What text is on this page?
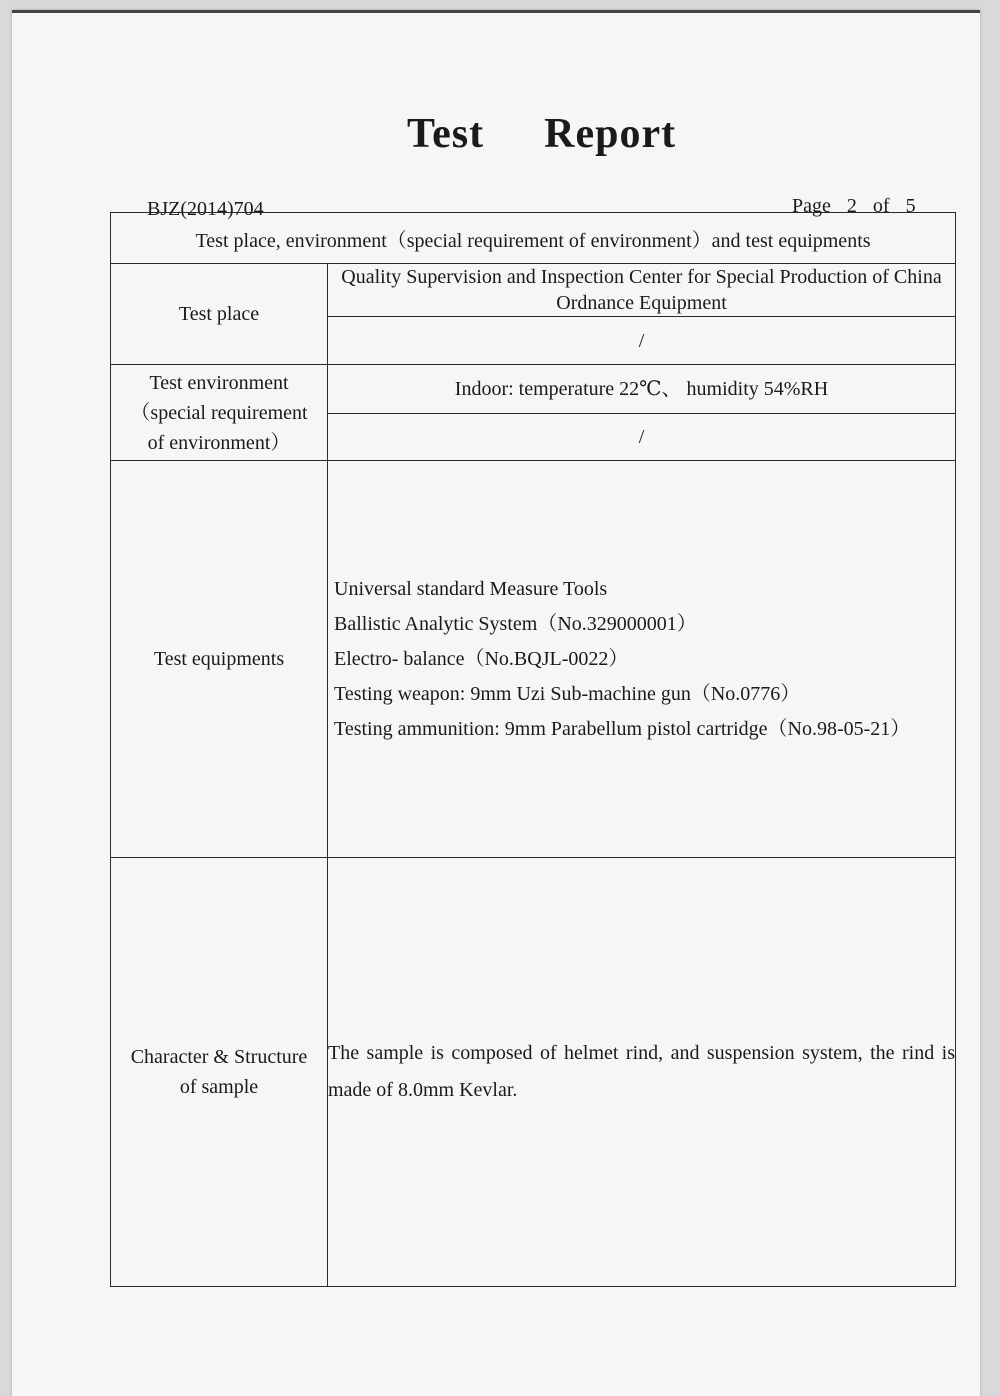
Test Report
BJZ(2014)704	Page 2 of 5
Test place, environment（special requirement of environment）and test equipments	
Test place	Quality Supervision and Inspection Center for Special Production of China Ordnance Equipment
	/

Test environment
（special requirement
of environment）	Indoor: temperature 22℃、 humidity 54%RH
	/
Test equipments	Universal standard Measure Tools
Ballistic Analytic System（No.329000001）
Electro- balance（No.BQJL-0022）
Testing weapon: 9mm Uzi Sub-machine gun（No.0776）
Testing ammunition: 9mm Parabellum pistol cartridge（No.98-05-21）

Character & Structure
of sample	The sample is composed of helmet rind, and suspension system, the rind is made of 8.0mm Kevlar.
